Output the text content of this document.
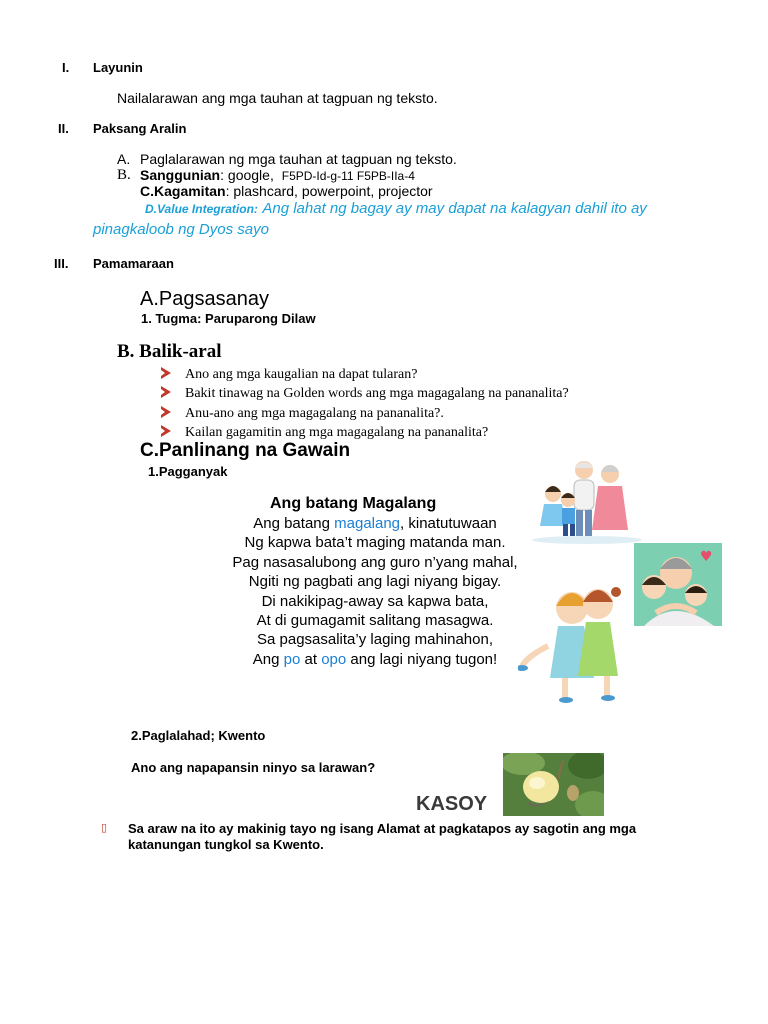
I. Layunin
Nailalarawan ang mga tauhan at tagpuan ng teksto.
II. Paksang Aralin
A. Paglalarawan ng mga tauhan at tagpuan ng teksto.
B. Sanggunian: google, F5PD-Id-g-11 F5PB-IIa-4
C.Kagamitan: plashcard, powerpoint, projector
D.Value Integration: Ang lahat ng bagay ay may dapat na kalagyan dahil ito ay
pinagkaloob ng Dyos sayo
III. Pamamaraan
A.Pagsasanay
1. Tugma: Paruparong Dilaw
B. Balik-aral
Ano ang mga kaugalian na dapat tularan?
Bakit tinawag na Golden words ang mga magagalang na pananalita?
Anu-ano ang mga magagalang na pananalita?.
Kailan gagamitin ang mga magagalang na pananalita?
C.Panlinang na Gawain
1.Pagganyak
Ang batang Magalang
Ang batang magalang, kinatutuwaan
Ng kapwa bata’t maging matanda man.
Pag nasasalubong ang guro n’yang mahal,
Ngiti ng pagbati ang lagi niyang bigay.
Di nakikipag-away sa kapwa bata,
At di gumagamit salitang masagwa.
Sa pagsasalita’y laging mahinahon,
Ang po at opo ang lagi niyang tugon!
♥
2.Paglalahad; Kwento
Ano ang napapansin ninyo sa larawan?
KASOY
▯ Sa araw na ito ay makinig tayo ng isang Alamat at pagkatapos ay sagotin ang mga
katanungan tungkol sa Kwento.
